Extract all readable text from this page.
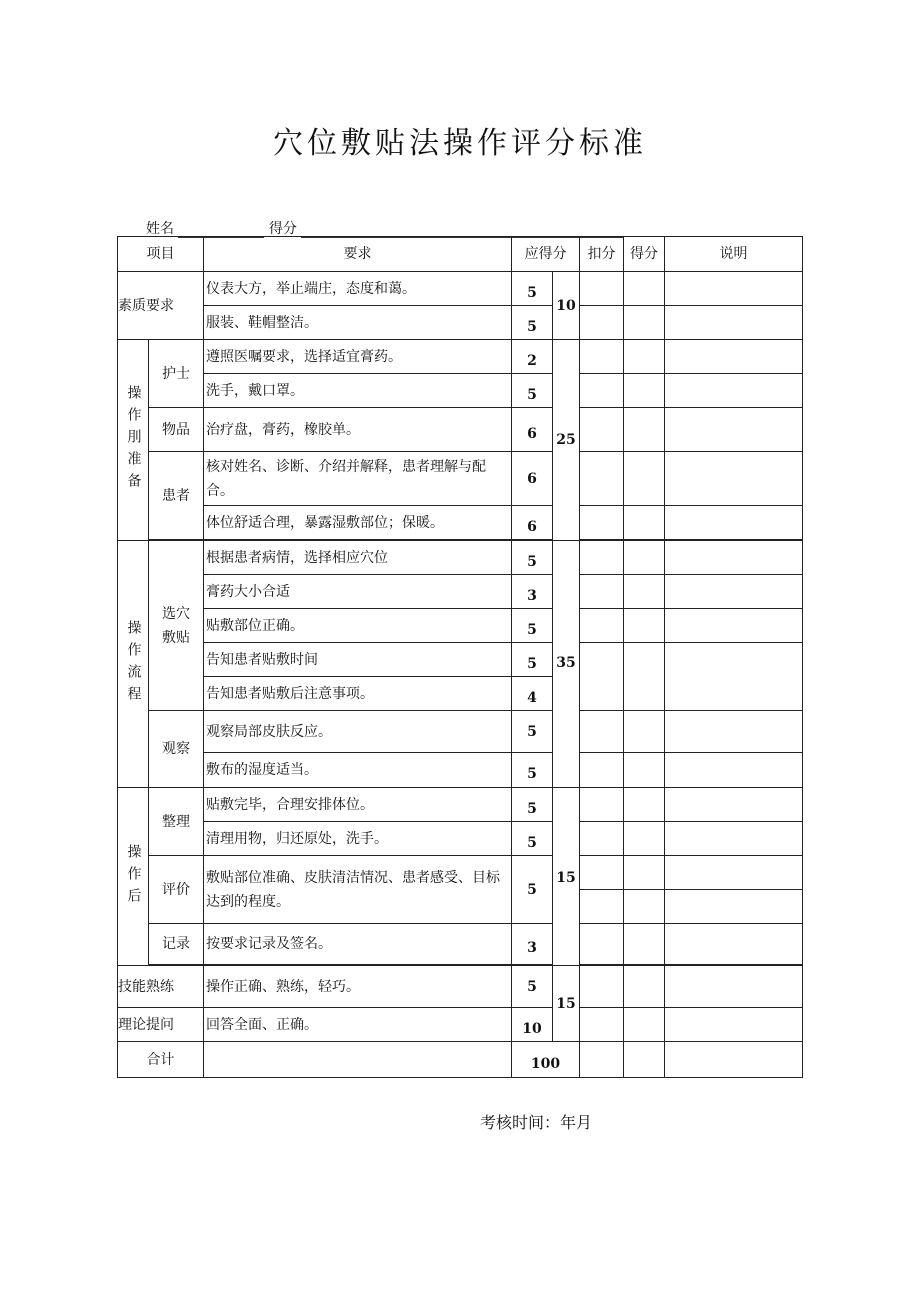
穴位敷贴法操作评分标准
姓名	得分
项目		要求	应得分		扣分	得分	说明
素质要求		仪表大方，举止端庄，态度和蔼。	5	10			
		服装、鞋帽整洁。	5				
操作刖准备	护士	遵照医嘱要求，选择适宜膏药。	2	25			
		洗手，戴口罩。	5				
	物品	治疗盘，膏药，橡胶单。	6				
	患者	核对姓名、诊断、介绍并解释，患者理解与配合。	6				
		体位舒适合理，暴露湿敷部位；保暖。	6				

操作流程	选穴敷贴	根据患者病情，选择相应穴位	5	35			
		膏药大小合适	3				
		贴敷部位正确。	5				
		告知患者贴敷时间	5				
		告知患者贴敷后注意事项。	4				
	观察	观察局部皮肤反应。	5				
		敷布的湿度适当。	5				
操作后	整理	贴敷完毕，合理安排体位。	5	15			
		清理用物，归还原处，洗手。	5				
	评价	敷贴部位准确、皮肤清洁情况、患者感受、目标达到的程度。	5				

	记录	按要求记录及签名。	3				

技能熟练		操作正确、熟练，轻巧。	5	15			
理论提问		回答全面、正确。	10				
合计			100				
考核时间：年月
